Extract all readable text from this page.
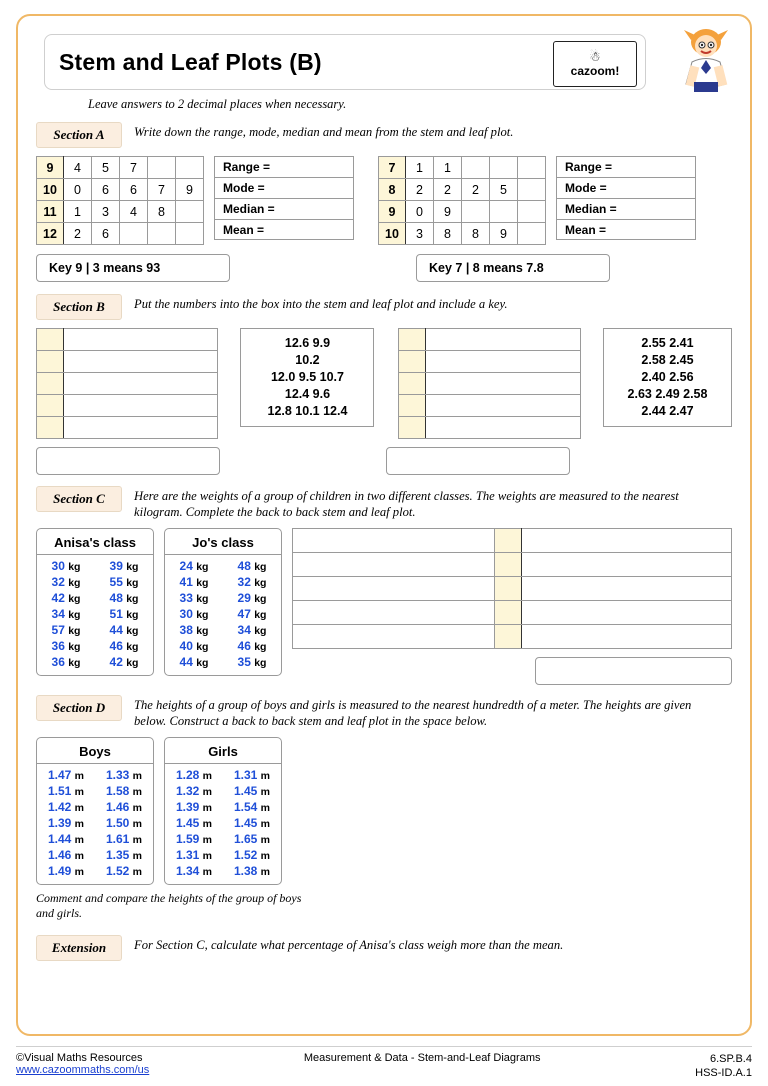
Stem and Leaf Plots (B)	☃
cazoom!
Leave answers to 2 decimal places when necessary.
Section A	Write down the range, mode, median and mean from the stem and leaf plot.
9	4	5	7		
10	0	6	6	7	9
11	1	3	4	8	
12	2	6			
Range =
Mode =
Median =
Mean =
7	1	1			
8	2	2	2	5	
9	0	9			
10	3	8	8	9	
Range =
Mode =
Median =
Mean =
Key 9 | 3 means 93	Key 7 | 8 means 7.8
Section B	Put the numbers into the box into the stem and leaf plot and include a key.

12.6 9.9
10.2
12.0 9.5 10.7
12.4 9.6
12.8 10.1 12.4

2.55 2.41
2.58 2.45
2.40 2.56
2.63 2.49 2.58
2.44 2.47
Section C	Here are the weights of a group of children in two different classes. The weights are measured to the nearest kilogram. Complete the back to back stem and leaf plot.
Anisa's class
30 kg	39 kg
32 kg	55 kg
42 kg	48 kg
34 kg	51 kg
57 kg	44 kg
36 kg	46 kg
36 kg	42 kg
Jo's class
24 kg	48 kg
41 kg	32 kg
33 kg	29 kg
30 kg	47 kg
38 kg	34 kg
40 kg	46 kg
44 kg	35 kg

Section D	The heights of a group of boys and girls is measured to the nearest hundredth of a meter. The heights are given below. Construct a back to back stem and leaf plot in the space below.
Boys
1.47 m	1.33 m
1.51 m	1.58 m
1.42 m	1.46 m
1.39 m	1.50 m
1.44 m	1.61 m
1.46 m	1.35 m
1.49 m	1.52 m
Girls
1.28 m	1.31 m
1.32 m	1.45 m
1.39 m	1.54 m
1.45 m	1.45 m
1.59 m	1.65 m
1.31 m	1.52 m
1.34 m	1.38 m
Comment and compare the heights of the group of boys and girls.
Extension	For Section C, calculate what percentage of Anisa's class weigh more than the mean.
©Visual Maths Resources
www.cazoommaths.com/us
Measurement & Data - Stem-and-Leaf Diagrams	6.SP.B.4
HSS-ID.A.1
